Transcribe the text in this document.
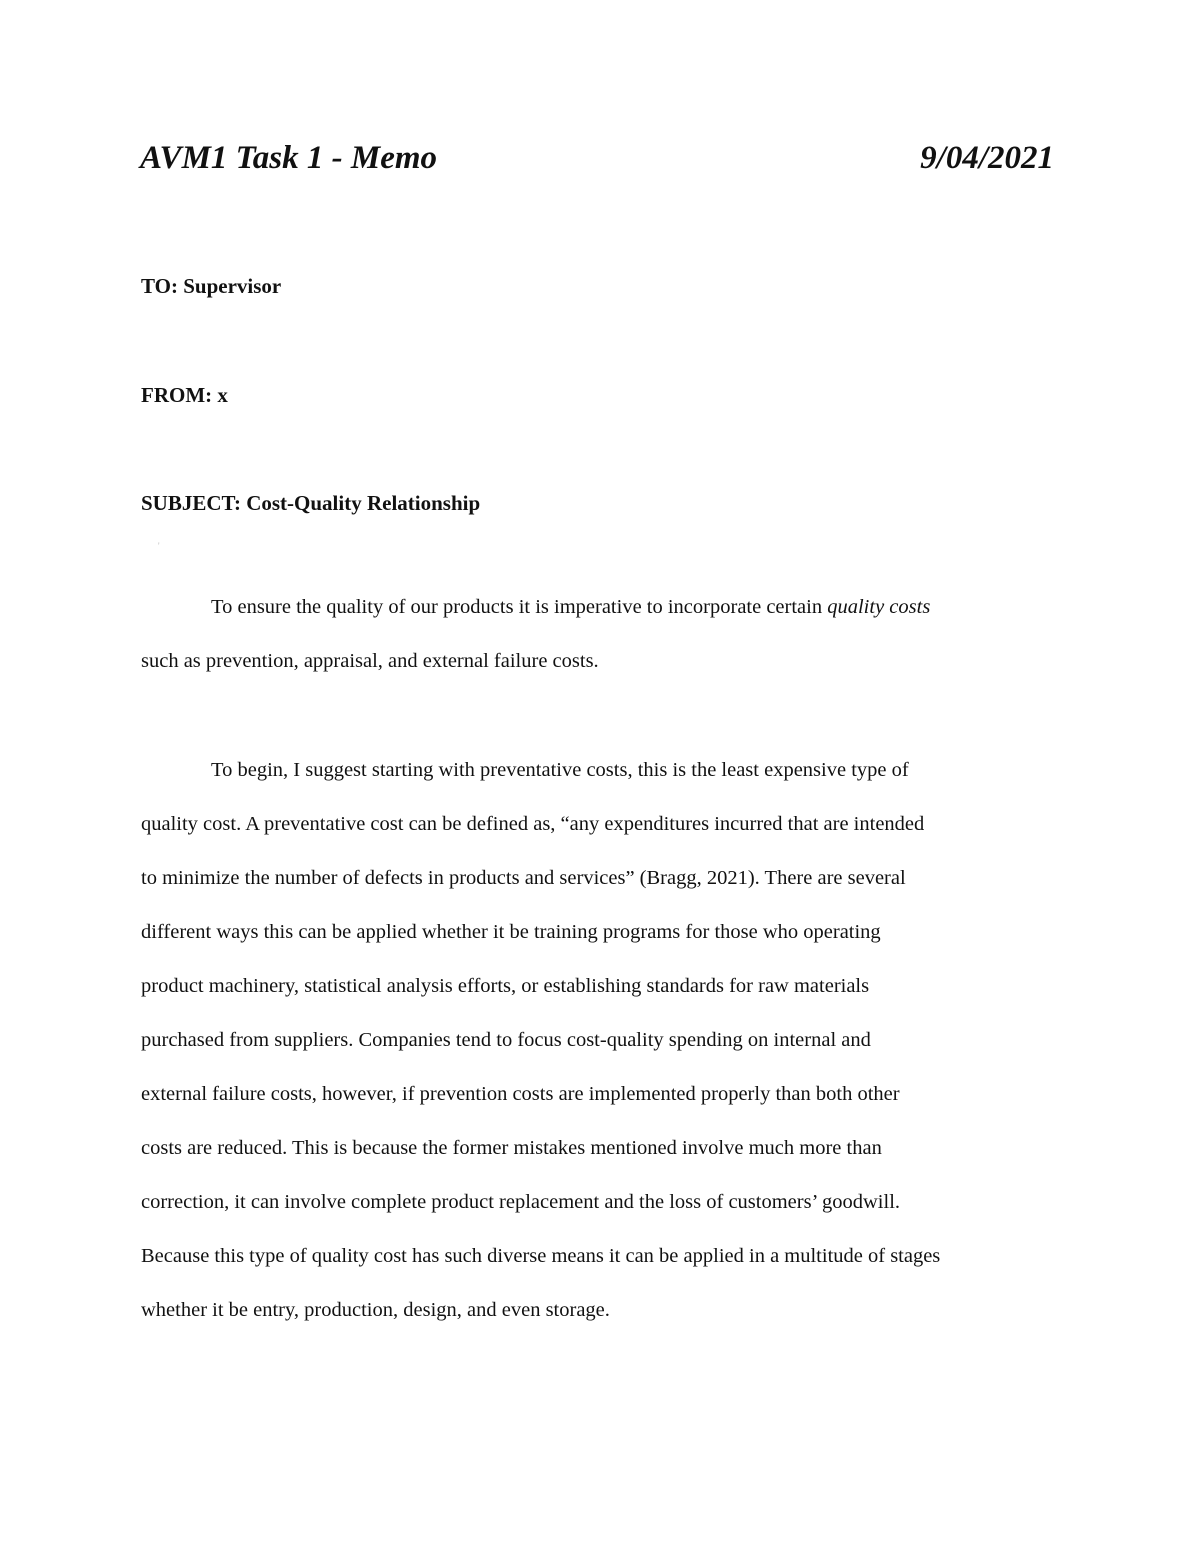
AVM1 Task 1 - Memo	9/04/2021
TO: Supervisor
FROM: x
SUBJECT: Cost-Quality Relationship
'

To ensure the quality of our products it is imperative to incorporate certain quality costs
such as prevention, appraisal, and external failure costs.

To begin, I suggest starting with preventative costs, this is the least expensive type of
quality cost. A preventative cost can be defined as, “any expenditures incurred that are intended
to minimize the number of defects in products and services” (Bragg, 2021). There are several
different ways this can be applied whether it be training programs for those who operating
product machinery, statistical analysis efforts, or establishing standards for raw materials
purchased from suppliers. Companies tend to focus cost-quality spending on internal and
external failure costs, however, if prevention costs are implemented properly than both other
costs are reduced. This is because the former mistakes mentioned involve much more than
correction, it can involve complete product replacement and the loss of customers’ goodwill.
Because this type of quality cost has such diverse means it can be applied in a multitude of stages
whether it be entry, production, design, and even storage.
